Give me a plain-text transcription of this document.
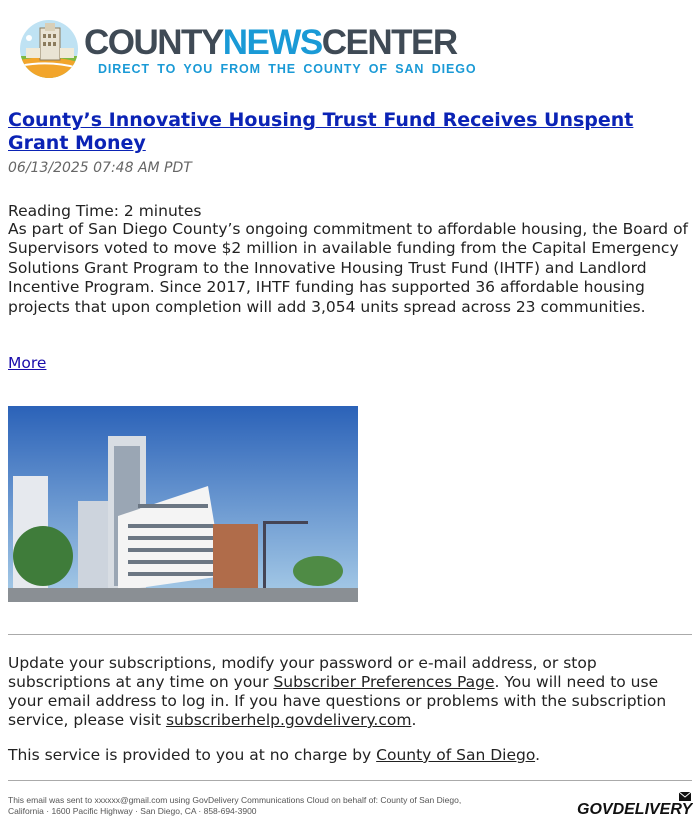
COUNTYNEWSCENTER
DIRECT TO YOU FROM THE COUNTY OF SAN DIEGO
County’s Innovative Housing Trust Fund Receives Unspent Grant Money
06/13/2025 07:48 AM PDT
Reading Time: 2 minutes

As part of San Diego County’s ongoing commitment to affordable housing, the Board of Supervisors voted to move $2 million in available funding from the Capital Emergency Solutions Grant Program to the Innovative Housing Trust Fund (IHTF) and Landlord Incentive Program. Since 2017, IHTF funding has supported 36 affordable housing projects that upon completion will add 3,054 units spread across 23 communities.

More

Update your subscriptions, modify your password or e-mail address, or stop subscriptions at any time on your Subscriber Preferences Page. You will need to use your email address to log in. If you have questions or problems with the subscription service, please visit subscriberhelp.govdelivery.com.

This service is provided to you at no charge by County of San Diego.

This email was sent to xxxxxx@gmail.com using GovDelivery Communications Cloud on behalf of: County of San Diego,
California · 1600 Pacific Highway · San Diego, CA · 858-694-3900	GOVDELIVERY
